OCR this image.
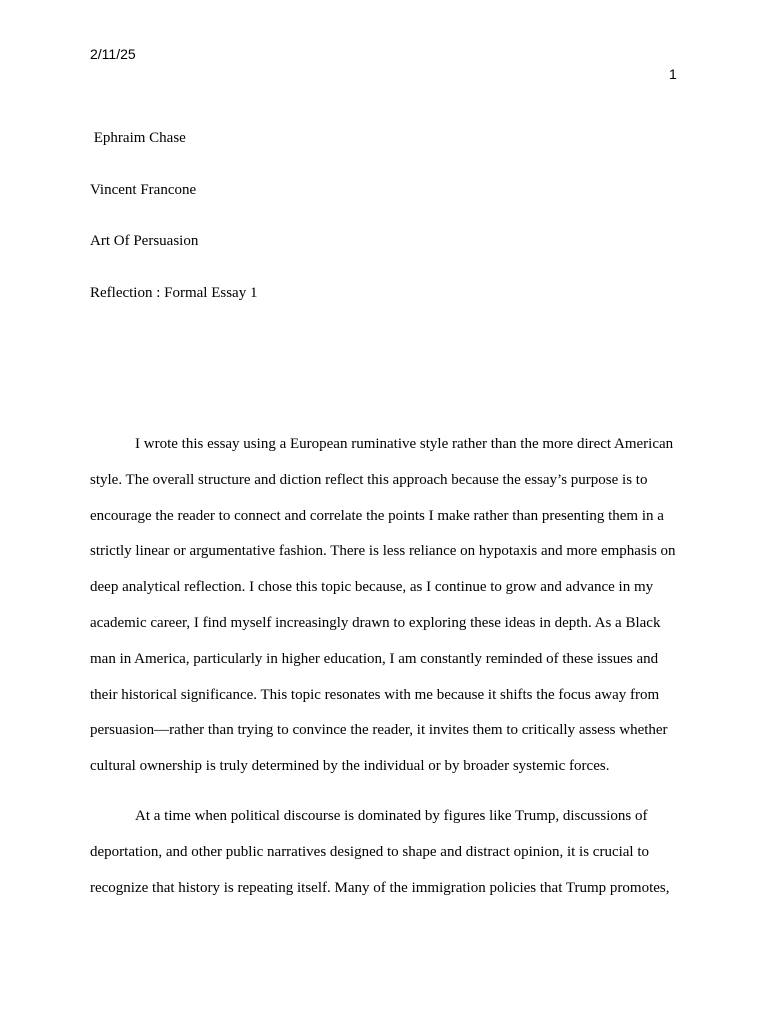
2/11/25
1
Ephraim Chase
Vincent Francone
Art Of Persuasion
Reflection : Formal Essay 1

I wrote this essay using a European ruminative style rather than the more direct American style. The overall structure and diction reflect this approach because the essay’s purpose is to encourage the reader to connect and correlate the points I make rather than presenting them in a strictly linear or argumentative fashion. There is less reliance on hypotaxis and more emphasis on deep analytical reflection. I chose this topic because, as I continue to grow and advance in my academic career, I find myself increasingly drawn to exploring these ideas in depth. As a Black man in America, particularly in higher education, I am constantly reminded of these issues and their historical significance. This topic resonates with me because it shifts the focus away from persuasion—rather than trying to convince the reader, it invites them to critically assess whether cultural ownership is truly determined by the individual or by broader systemic forces.

At a time when political discourse is dominated by figures like Trump, discussions of deportation, and other public narratives designed to shape and distract opinion, it is crucial to recognize that history is repeating itself. Many of the immigration policies that Trump promotes,
